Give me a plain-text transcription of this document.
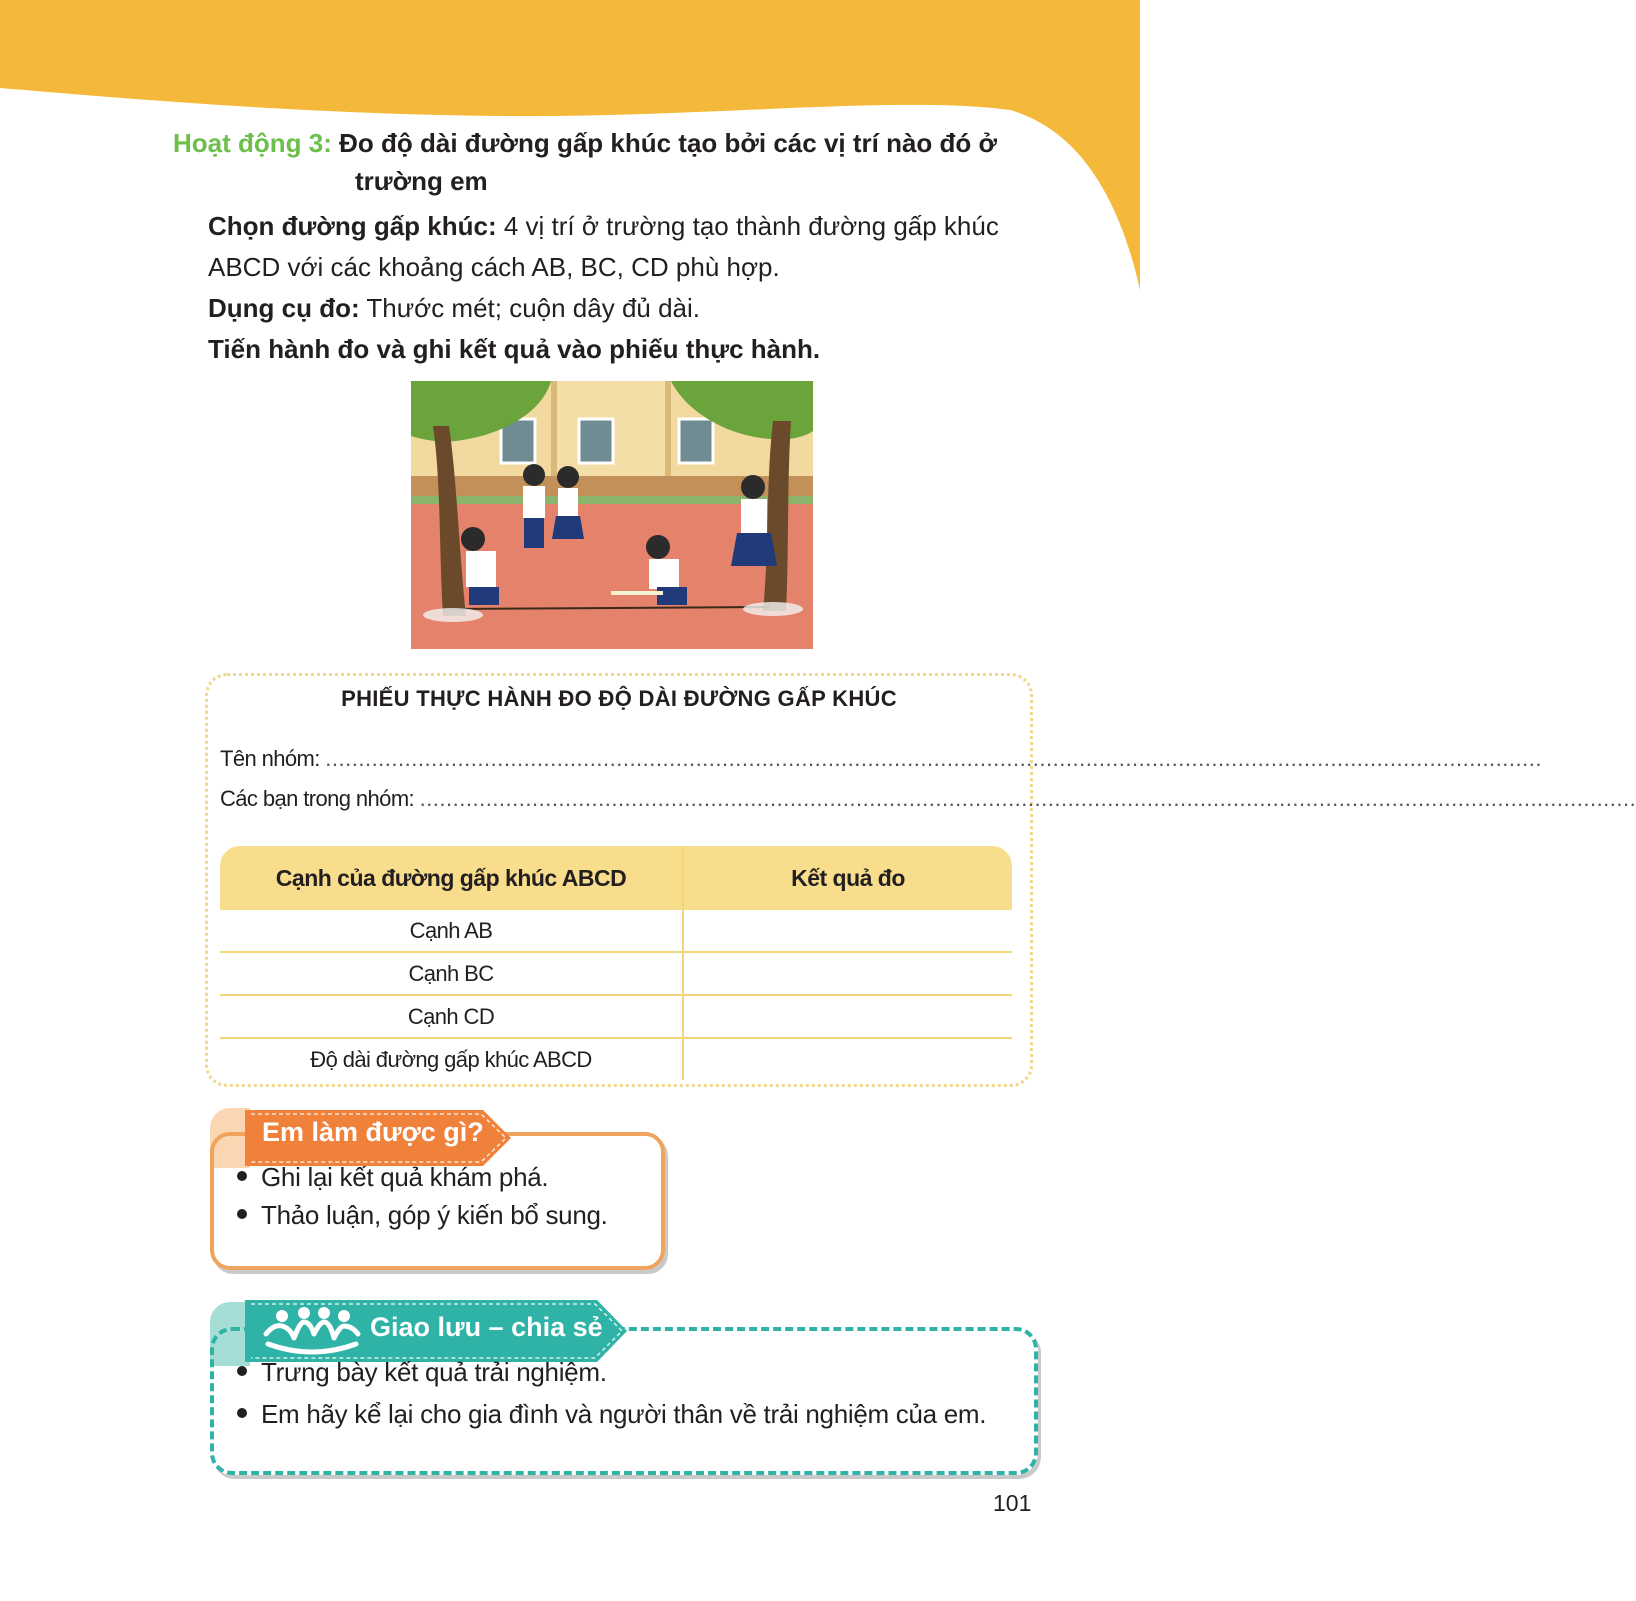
Hoạt động 3: Đo độ dài đường gấp khúc tạo bởi các vị trí nào đó ở
trường em
Chọn đường gấp khúc: 4 vị trí ở trường tạo thành đường gấp khúc
ABCD với các khoảng cách AB, BC, CD phù hợp.
Dụng cụ đo: Thước mét; cuộn dây đủ dài.
Tiến hành đo và ghi kết quả vào phiếu thực hành.
PHIẾU THỰC HÀNH ĐO ĐỘ DÀI ĐƯỜNG GẤP KHÚC
Tên nhóm: ........................................................................................................................................................................................
Các bạn trong nhóm: ........................................................................................................................................................................................
Cạnh của đường gấp khúc ABCD	Kết quả đo
Cạnh AB	
Cạnh BC	
Cạnh CD	
Độ dài đường gấp khúc ABCD	
Em làm được gì?
Ghi lại kết quả khám phá.
Thảo luận, góp ý kiến bổ sung.
Giao lưu – chia sẻ
Trưng bày kết quả trải nghiệm.
Em hãy kể lại cho gia đình và người thân về trải nghiệm của em.
101
